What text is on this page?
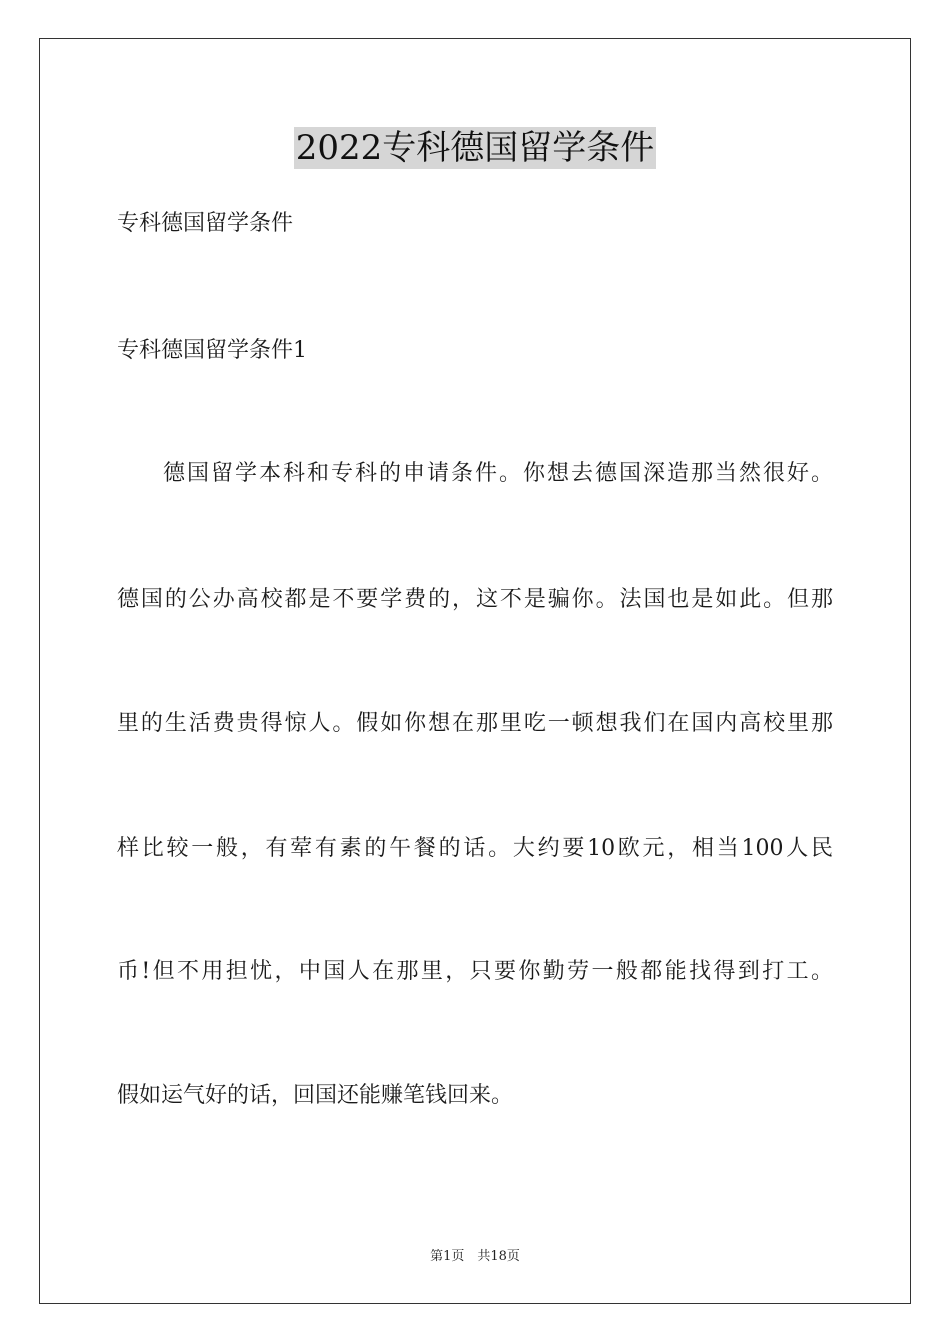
2022专科德国留学条件
专科德国留学条件
专科德国留学条件1
德国留学本科和专科的申请条件。你想去德国深造那当然很好。
德国的公办高校都是不要学费的，这不是骗你。法国也是如此。但那
里的生活费贵得惊人。假如你想在那里吃一顿想我们在国内高校里那
样比较一般，有荤有素的午餐的话。大约要10欧元，相当100人民
币!但不用担忧，中国人在那里，只要你勤劳一般都能找得到打工。
假如运气好的话，回国还能赚笔钱回来。
第1页　共18页
